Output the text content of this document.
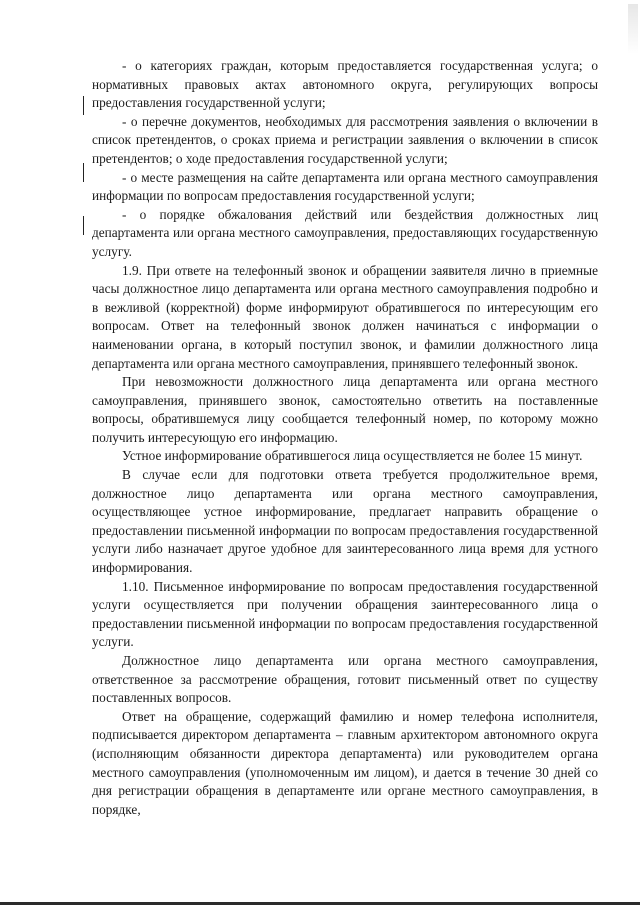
- о категориях граждан, которым предоставляется государственная услуга; о нормативных правовых актах автономного округа, регулирующих вопросы предоставления государственной услуги;

- о перечне документов, необходимых для рассмотрения заявления о включении в список претендентов, о сроках приема и регистрации заявления о включении в список претендентов; о ходе предоставления государственной услуги;

- о месте размещения на сайте департамента или органа местного самоуправления информации по вопросам предоставления государственной услуги;

- о порядке обжалования действий или бездействия должностных лиц департамента или органа местного самоуправления, предоставляющих государственную услугу.

1.9. При ответе на телефонный звонок и обращении заявителя лично в приемные часы должностное лицо департамента или органа местного самоуправления подробно и в вежливой (корректной) форме информируют обратившегося по интересующим его вопросам. Ответ на телефонный звонок должен начинаться с информации о наименовании органа, в который поступил звонок, и фамилии должностного лица департамента или органа местного самоуправления, принявшего телефонный звонок.

При невозможности должностного лица департамента или органа местного самоуправления, принявшего звонок, самостоятельно ответить на поставленные вопросы, обратившемуся лицу сообщается телефонный номер, по которому можно получить интересующую его информацию.

Устное информирование обратившегося лица осуществляется не более 15 минут.

В случае если для подготовки ответа требуется продолжительное время, должностное лицо департамента или органа местного самоуправления, осуществляющее устное информирование, предлагает направить обращение о предоставлении письменной информации по вопросам предоставления государственной услуги либо назначает другое удобное для заинтересованного лица время для устного информирования.

1.10. Письменное информирование по вопросам предоставления государственной услуги осуществляется при получении обращения заинтересованного лица о предоставлении письменной информации по вопросам предоставления государственной услуги.

Должностное лицо департамента или органа местного самоуправления, ответственное за рассмотрение обращения, готовит письменный ответ по существу поставленных вопросов.

Ответ на обращение, содержащий фамилию и номер телефона исполнителя, подписывается директором департамента – главным архитектором автономного округа (исполняющим обязанности директора департамента) или руководителем органа местного самоуправления (уполномоченным им лицом), и дается в течение 30 дней со дня регистрации обращения в департаменте или органе местного самоуправления, в порядке,
